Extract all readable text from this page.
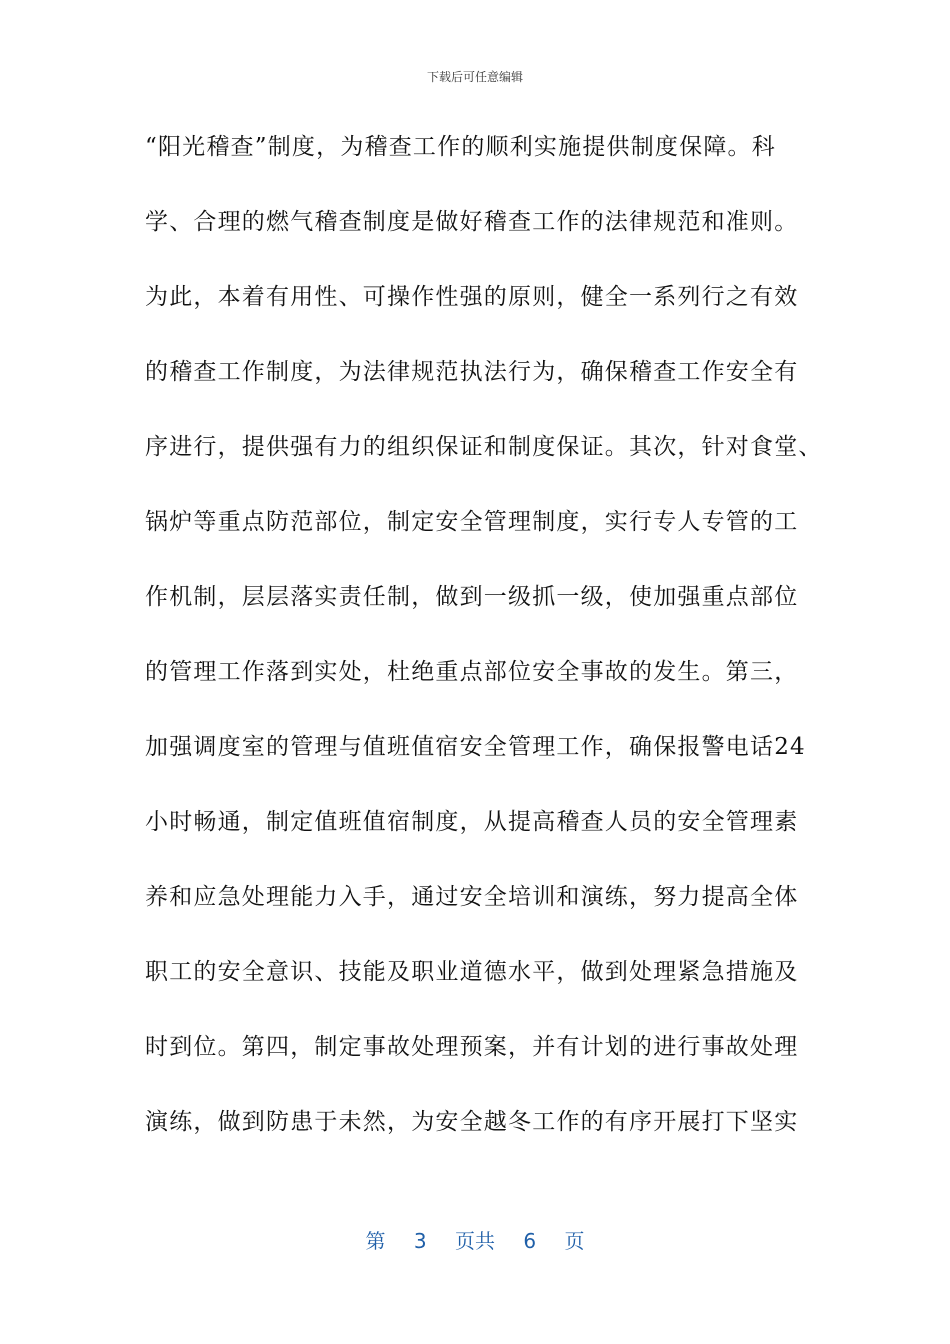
下载后可任意编辑
“阳光稽查”制度，为稽查工作的顺利实施提供制度保障。科
学、合理的燃气稽查制度是做好稽查工作的法律规范和准则。
为此，本着有用性、可操作性强的原则，健全一系列行之有效
的稽查工作制度，为法律规范执法行为，确保稽查工作安全有
序进行，提供强有力的组织保证和制度保证。其次，针对食堂、
锅炉等重点防范部位，制定安全管理制度，实行专人专管的工
作机制，层层落实责任制，做到一级抓一级，使加强重点部位
的管理工作落到实处，杜绝重点部位安全事故的发生。第三，
加强调度室的管理与值班值宿安全管理工作，确保报警电话24
小时畅通，制定值班值宿制度，从提高稽查人员的安全管理素
养和应急处理能力入手，通过安全培训和演练，努力提高全体
职工的安全意识、技能及职业道德水平，做到处理紧急措施及
时到位。第四，制定事故处理预案，并有计划的进行事故处理
演练，做到防患于未然，为安全越冬工作的有序开展打下坚实
第 3 页共 6 页
